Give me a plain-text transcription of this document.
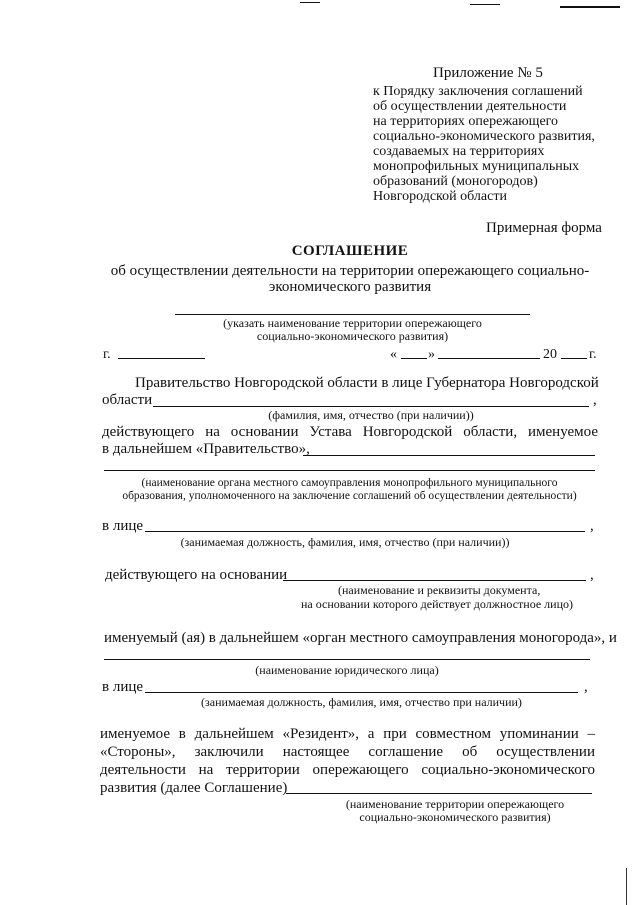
Приложение № 5
к Порядку заключения соглашений
об осуществлении деятельности
на территориях опережающего
социально-экономического развития,
создаваемых на территориях
монопрофильных муниципальных
образований (моногородов)
Новгородской области
Примерная форма
СОГЛАШЕНИЕ
об осуществлении деятельности на территории опережающего социально-
экономического развития
(указать наименование территории опережающего
социально-экономического развития)
г.	« »	20 г.
Правительство Новгородской области в лице Губернатора Новгородской
области	,
(фамилия, имя, отчество (при наличии))
действующего на основании Устава Новгородской области, именуемое
в дальнейшем «Правительство»,
(наименование органа местного самоуправления монопрофильного муниципального
образования, уполномоченного на заключение соглашений об осуществлении деятельности)
в лице	,
(занимаемая должность, фамилия, имя, отчество (при наличии))
действующего на основании	,
(наименование и реквизиты документа,
на основании которого действует должностное лицо)
именуемый (ая) в дальнейшем «орган местного самоуправления моногорода», и
(наименование юридического лица)
в лице	,
(занимаемая должность, фамилия, имя, отчество при наличии)
именуемое в дальнейшем «Резидент», а при совместном упоминании –
«Стороны», заключили настоящее соглашение об осуществлении
деятельности на территории опережающего социально-экономического
развития (далее Соглашение)
(наименование территории опережающего
социально-экономического развития)
